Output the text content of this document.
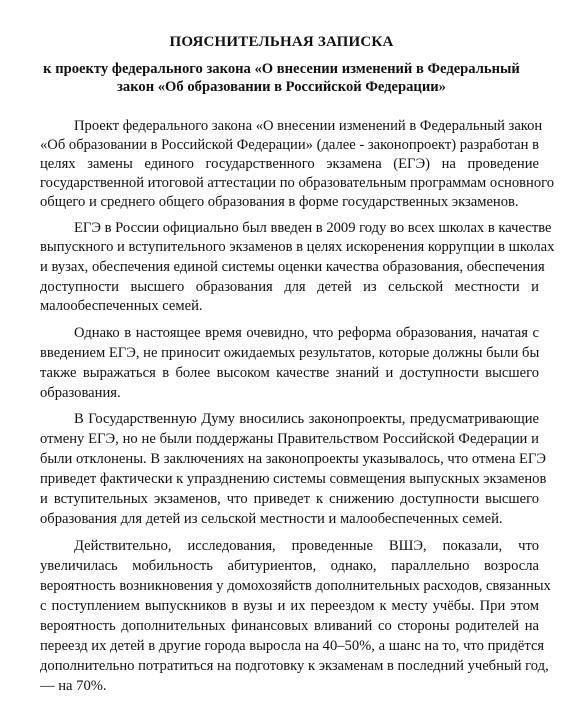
ПОЯСНИТЕЛЬНАЯ ЗАПИСКА
к проекту федерального закона «О внесении изменений в Федеральный
закон «Об образовании в Российской Федерации»
Проект федерального закона «О внесении изменений в Федеральный закон
«Об образовании в Российской Федерации» (далее - законопроект) разработан в
целях замены единого государственного экзамена (ЕГЭ) на проведение
государственной итоговой аттестации по образовательным программам основного
общего и среднего общего образования в форме государственных экзаменов.
ЕГЭ в России официально был введен в 2009 году во всех школах в качестве
выпускного и вступительного экзаменов в целях искоренения коррупции в школах
и вузах, обеспечения единой системы оценки качества образования, обеспечения
доступности высшего образования для детей из сельской местности и
малообеспеченных семей.
Однако в настоящее время очевидно, что реформа образования, начатая с
введением ЕГЭ, не приносит ожидаемых результатов, которые должны были бы
также выражаться в более высоком качестве знаний и доступности высшего
образования.
В Государственную Думу вносились законопроекты, предусматривающие
отмену ЕГЭ, но не были поддержаны Правительством Российской Федерации и
были отклонены. В заключениях на законопроекты указывалось, что отмена ЕГЭ
приведет фактически к упразднению системы совмещения выпускных экзаменов
и вступительных экзаменов, что приведет к снижению доступности высшего
образования для детей из сельской местности и малообеспеченных семей.
Действительно, исследования, проведенные ВШЭ, показали, что
увеличилась мобильность абитуриентов, однако, параллельно возросла
вероятность возникновения у домохозяйств дополнительных расходов, связанных
с поступлением выпускников в вузы и их переездом к месту учёбы. При этом
вероятность дополнительных финансовых вливаний со стороны родителей на
переезд их детей в другие города выросла на 40–50%, а шанс на то, что придётся
дополнительно потратиться на подготовку к экзаменам в последний учебный год,
— на 70%.
